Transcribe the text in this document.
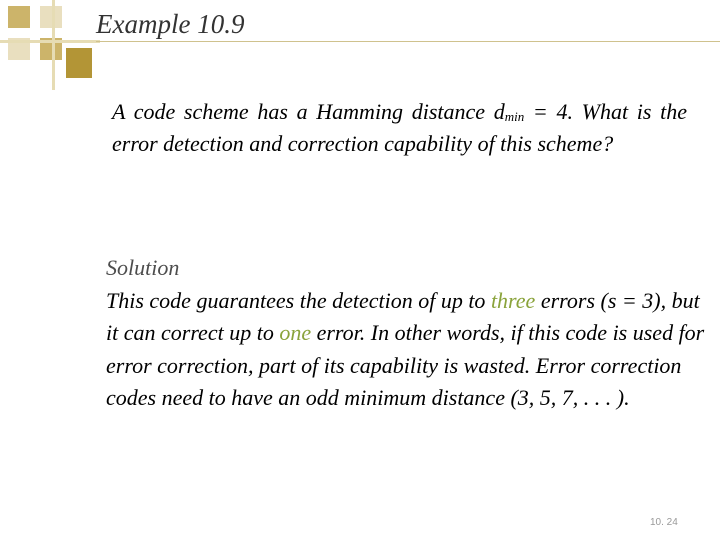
Example 10.9
A code scheme has a Hamming distance $d_{min} = 4$. What is the error detection and correction capability of this scheme?
Solution
This code guarantees the detection of up to three errors (s = 3), but it can correct up to one error. In other words, if this code is used for error correction, part of its capability is wasted. Error correction codes need to have an odd minimum distance (3, 5, 7, . . . ).
10. 24
